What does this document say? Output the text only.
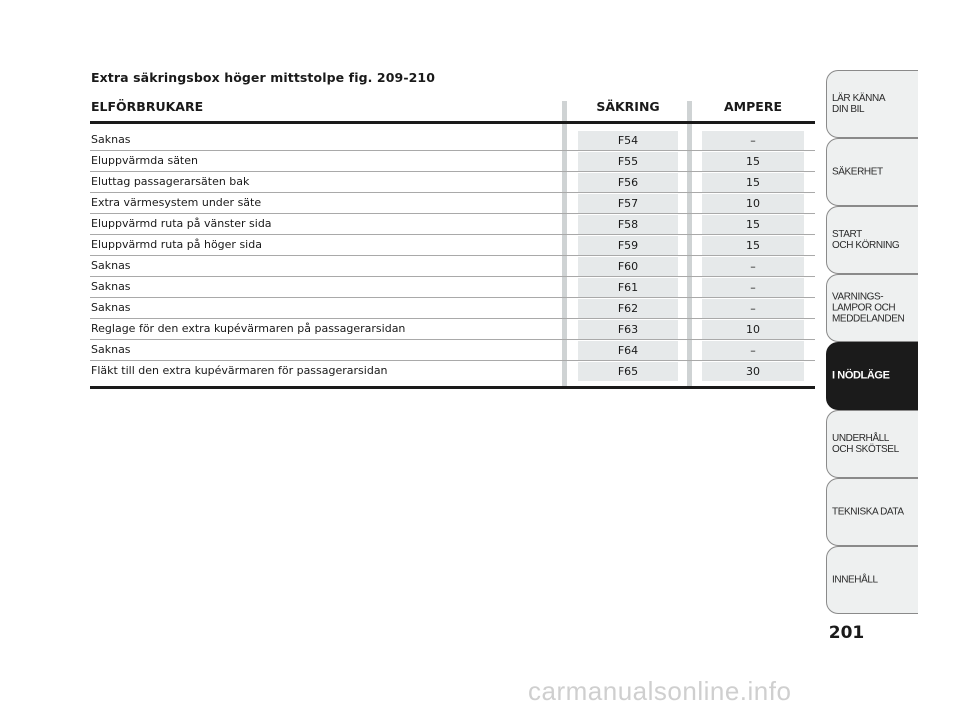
Extra säkringsbox höger mittstolpe fig. 209-210
ELFÖRBRUKARE	SÄKRING	AMPERE
Saknas	F54	–
Eluppvärmda säten	F55	15
Eluttag passagerarsäten bak	F56	15
Extra värmesystem under säte	F57	10
Eluppvärmd ruta på vänster sida	F58	15
Eluppvärmd ruta på höger sida	F59	15
Saknas	F60	–
Saknas	F61	–
Saknas	F62	–
Reglage för den extra kupévärmaren på passagerarsidan	F63	10
Saknas	F64	–
Fläkt till den extra kupévärmaren för passagerarsidan	F65	30
LÄR KÄNNA
DIN BIL
SÄKERHET
START
OCH KÖRNING
VARNINGS-
LAMPOR OCH
MEDDELANDEN
I NÖDLÄGE
UNDERHÅLL
OCH SKÖTSEL
TEKNISKA DATA
INNEHÅLL
201
carmanualsonline.info
